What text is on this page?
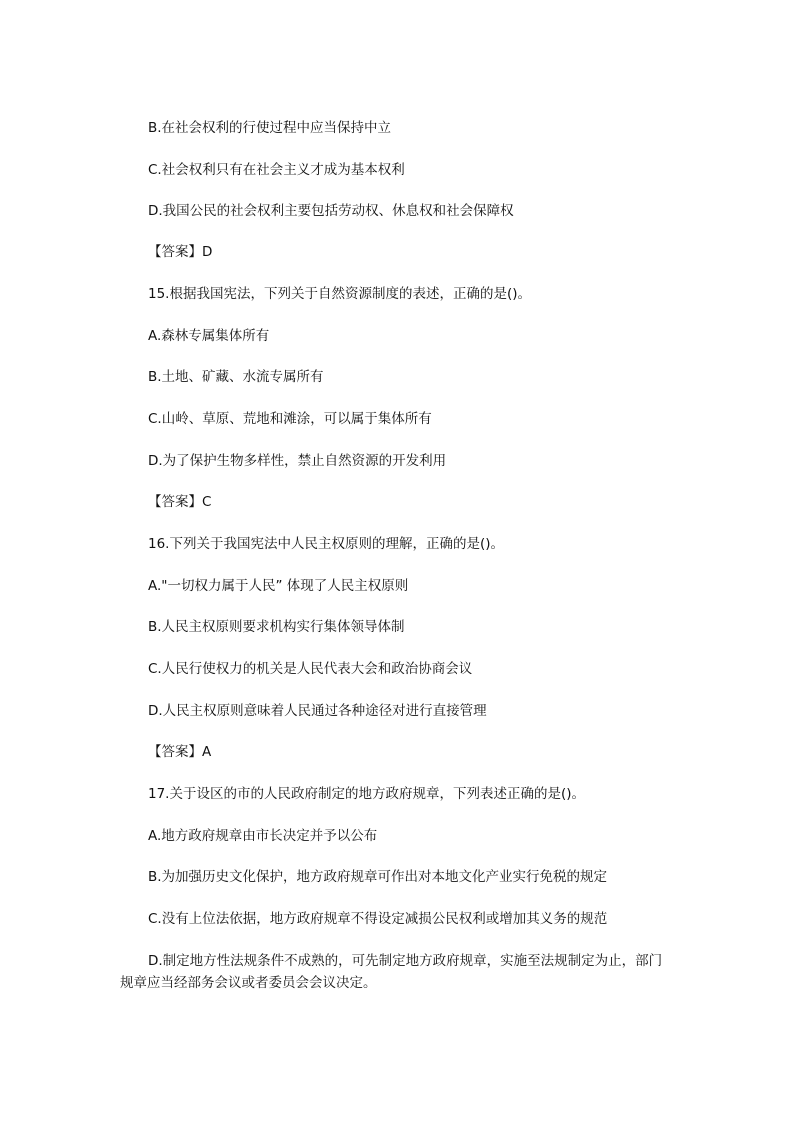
B.在社会权利的行使过程中应当保持中立
C.社会权利只有在社会主义才成为基本权利
D.我国公民的社会权利主要包括劳动权、休息权和社会保障权
【答案】D
15.根据我国宪法，下列关于自然资源制度的表述，正确的是()。
A.森林专属集体所有
B.土地、矿藏、水流专属所有
C.山岭、草原、荒地和滩涂，可以属于集体所有
D.为了保护生物多样性，禁止自然资源的开发利用
【答案】C
16.下列关于我国宪法中人民主权原则的理解，正确的是()。
A."一切权力属于人民” 体现了人民主权原则
B.人民主权原则要求机构实行集体领导体制
C.人民行使权力的机关是人民代表大会和政治协商会议
D.人民主权原则意味着人民通过各种途径对进行直接管理
【答案】A
17.关于设区的市的人民政府制定的地方政府规章，下列表述正确的是()。
A.地方政府规章由市长决定并予以公布
B.为加强历史文化保护，地方政府规章可作出对本地文化产业实行免税的规定
C.没有上位法依据，地方政府规章不得设定减损公民权利或增加其义务的规范
D.制定地方性法规条件不成熟的，可先制定地方政府规章，实施至法规制定为止，部门规章应当经部务会议或者委员会会议决定。
